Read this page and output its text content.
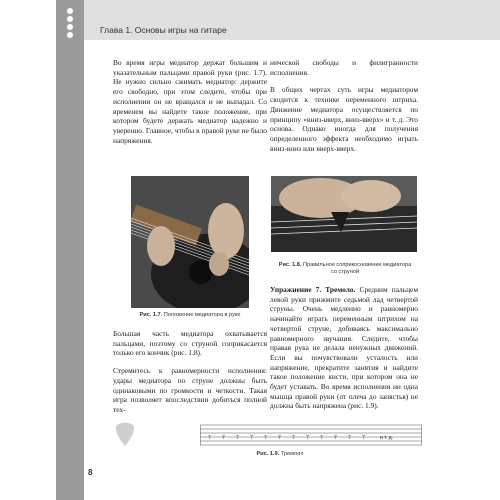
Глава 1. Основы игры на гитаре

Во время игры медиатор держат большим и указательным пальцами правой руки (рис. 1.7). Не нужно сильно сжимать медиатор: держите его свободно, при этом следите, чтобы при исполнении он не вращался и не выпадал. Со временем вы найдете такое положение, при котором будете держать медиатор надежно и уверенно. Главное, чтобы в правой руке не было напряжения.

Рис. 1.7. Положение медиатора в руке

Большая часть медиатора охватывается пальцами, поэтому со струной соприкасается только его кончик (рис. 1.8).

Стремитесь к равномерности исполнения: удары медиатора по струне должны быть одинаковыми по громкости и четкости. Такая игра позволяет впоследствии добиться полной тех-

нической свободы и филигранности исполнения.

В общих чертах суть игры медиатором сводится к технике переменного штриха. Движение медиатора осуществляется по принципу «вниз-вверх, вниз-вверх» и т. д. Это основа. Однако иногда для получения определенного эффекта необходимо играть вниз-вниз или вверх-вверх.

Рис. 1.8. Правильное соприкосновение медиатора со струной

Упражнение 7. Тремоло. Средним пальцем левой руки прижмите седьмой лад четвертой струны. Очень медленно и равномерно начинайте играть переменным штрихом на четвертой струне, добиваясь максимально равномерного звучания. Следите, чтобы правая рука не делала ненужных движений. Если вы почувствовали усталость или напряжение, прекратите занятия и найдите такое положение кисти, при котором она не будет уставать. Во время исполнения ни одна мышца правой руки (от плеча до запястья) не должна быть напряжена (рис. 1.9).

7 7 7 7 7 7 7 7 7 7 7 7	и т. д.
Рис. 1.9. Тремоло
8
